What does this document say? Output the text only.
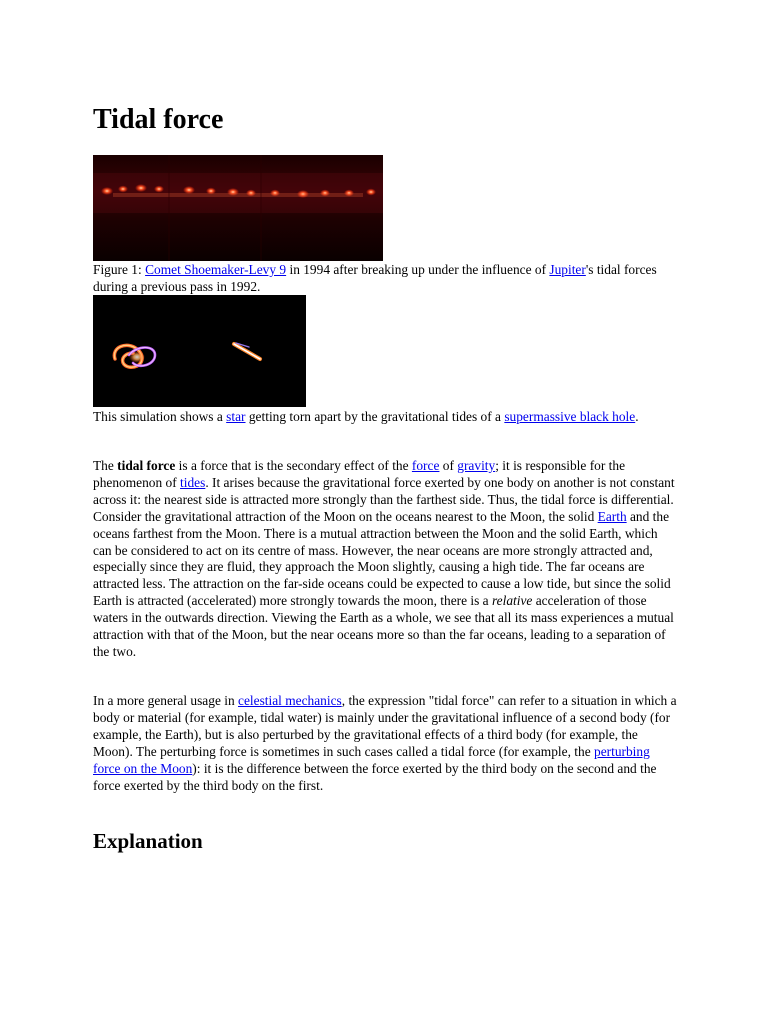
Tidal force

Figure 1: Comet Shoemaker-Levy 9 in 1994 after breaking up under the influence of Jupiter's tidal forces during a previous pass in 1992.

This simulation shows a star getting torn apart by the gravitational tides of a supermassive black hole.

The tidal force is a force that is the secondary effect of the force of gravity; it is responsible for the phenomenon of tides. It arises because the gravitational force exerted by one body on another is not constant across it: the nearest side is attracted more strongly than the farthest side. Thus, the tidal force is differential. Consider the gravitational attraction of the Moon on the oceans nearest to the Moon, the solid Earth and the oceans farthest from the Moon. There is a mutual attraction between the Moon and the solid Earth, which can be considered to act on its centre of mass. However, the near oceans are more strongly attracted and, especially since they are fluid, they approach the Moon slightly, causing a high tide. The far oceans are attracted less. The attraction on the far-side oceans could be expected to cause a low tide, but since the solid Earth is attracted (accelerated) more strongly towards the moon, there is a relative acceleration of those waters in the outwards direction. Viewing the Earth as a whole, we see that all its mass experiences a mutual attraction with that of the Moon, but the near oceans more so than the far oceans, leading to a separation of the two.

In a more general usage in celestial mechanics, the expression "tidal force" can refer to a situation in which a body or material (for example, tidal water) is mainly under the gravitational influence of a second body (for example, the Earth), but is also perturbed by the gravitational effects of a third body (for example, the Moon). The perturbing force is sometimes in such cases called a tidal force (for example, the perturbing force on the Moon): it is the difference between the force exerted by the third body on the second and the force exerted by the third body on the first.

Explanation
